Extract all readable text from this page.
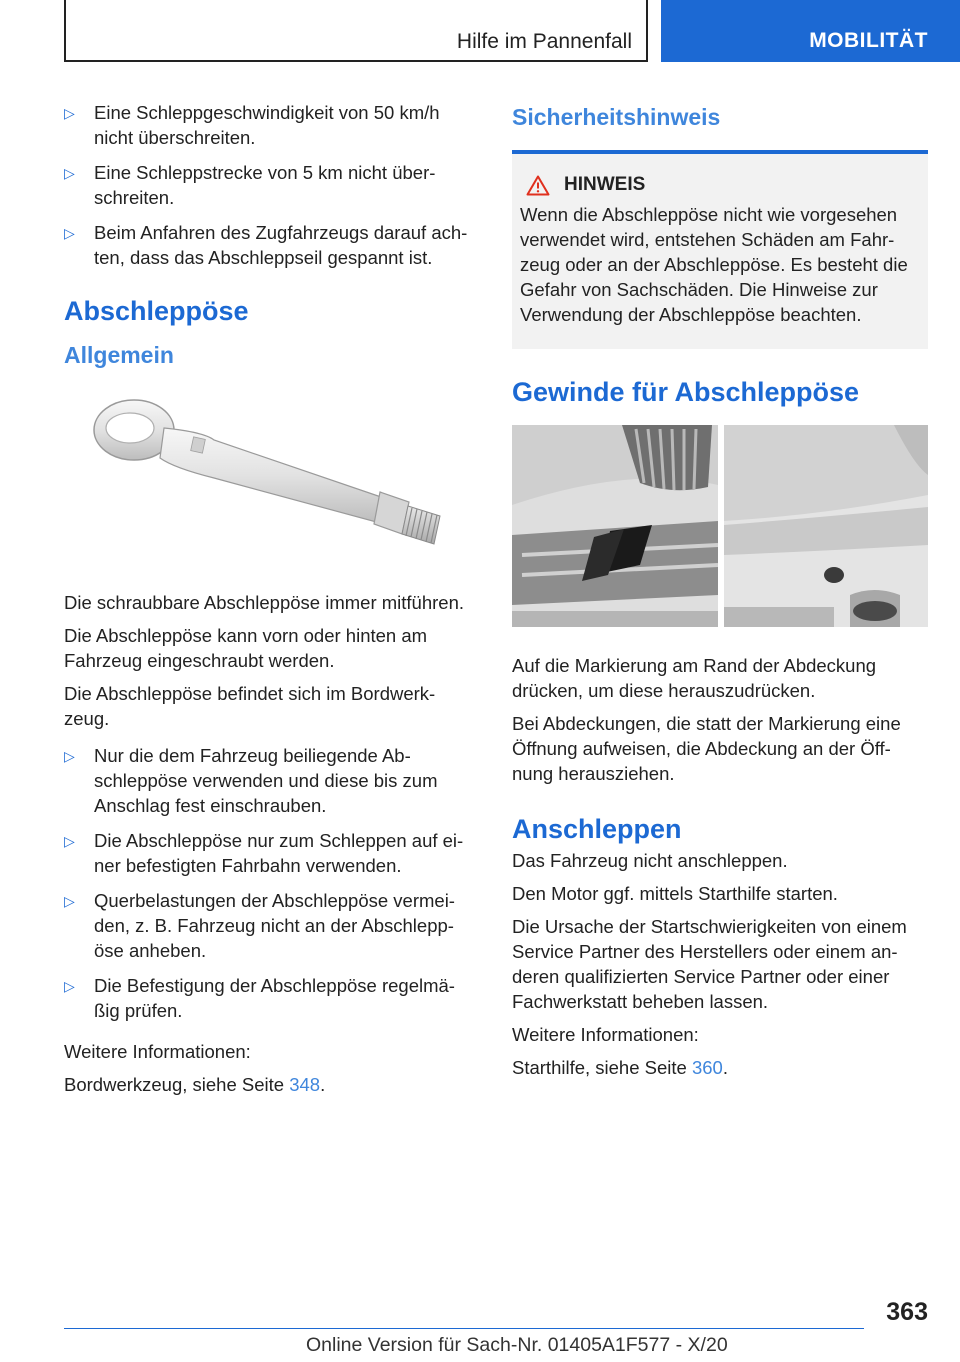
Hilfe im Pannenfall	MOBILITÄT
▷	Eine Schleppgeschwindigkeit von 50 km/h nicht überschreiten.
▷	Eine Schleppstrecke von 5 km nicht über-schreiten.
▷	Beim Anfahren des Zugfahrzeugs darauf ach-ten, dass das Abschleppseil gespannt ist.
Abschleppöse
Allgemein

Die schraubbare Abschleppöse immer mitführen.

Die Abschleppöse kann vorn oder hinten am Fahrzeug eingeschraubt werden.

Die Abschleppöse befindet sich im Bordwerk-zeug.

▷	Nur die dem Fahrzeug beiliegende Ab-schleppöse verwenden und diese bis zum Anschlag fest einschrauben.
▷	Die Abschleppöse nur zum Schleppen auf ei-ner befestigten Fahrbahn verwenden.
▷	Querbelastungen der Abschleppöse vermei-den, z. B. Fahrzeug nicht an der Abschlepp-öse anheben.
▷	Die Befestigung der Abschleppöse regelmä-ßig prüfen.

Weitere Informationen:

Bordwerkzeug, siehe Seite 348.

Sicherheitshinweis
HINWEIS

Wenn die Abschleppöse nicht wie vorgesehen verwendet wird, entstehen Schäden am Fahr-zeug oder an der Abschleppöse. Es besteht die Gefahr von Sachschäden. Die Hinweise zur Verwendung der Abschleppöse beachten.

Gewinde für Abschleppöse

Auf die Markierung am Rand der Abdeckung drücken, um diese herauszudrücken.

Bei Abdeckungen, die statt der Markierung eine Öffnung aufweisen, die Abdeckung an der Öff-nung herausziehen.

Anschleppen

Das Fahrzeug nicht anschleppen.

Den Motor ggf. mittels Starthilfe starten.

Die Ursache der Startschwierigkeiten von einem Service Partner des Herstellers oder einem an-deren qualifizierten Service Partner oder einer Fachwerkstatt beheben lassen.

Weitere Informationen:

Starthilfe, siehe Seite 360.

363
Online Version für Sach-Nr. 01405A1F577 - X/20
